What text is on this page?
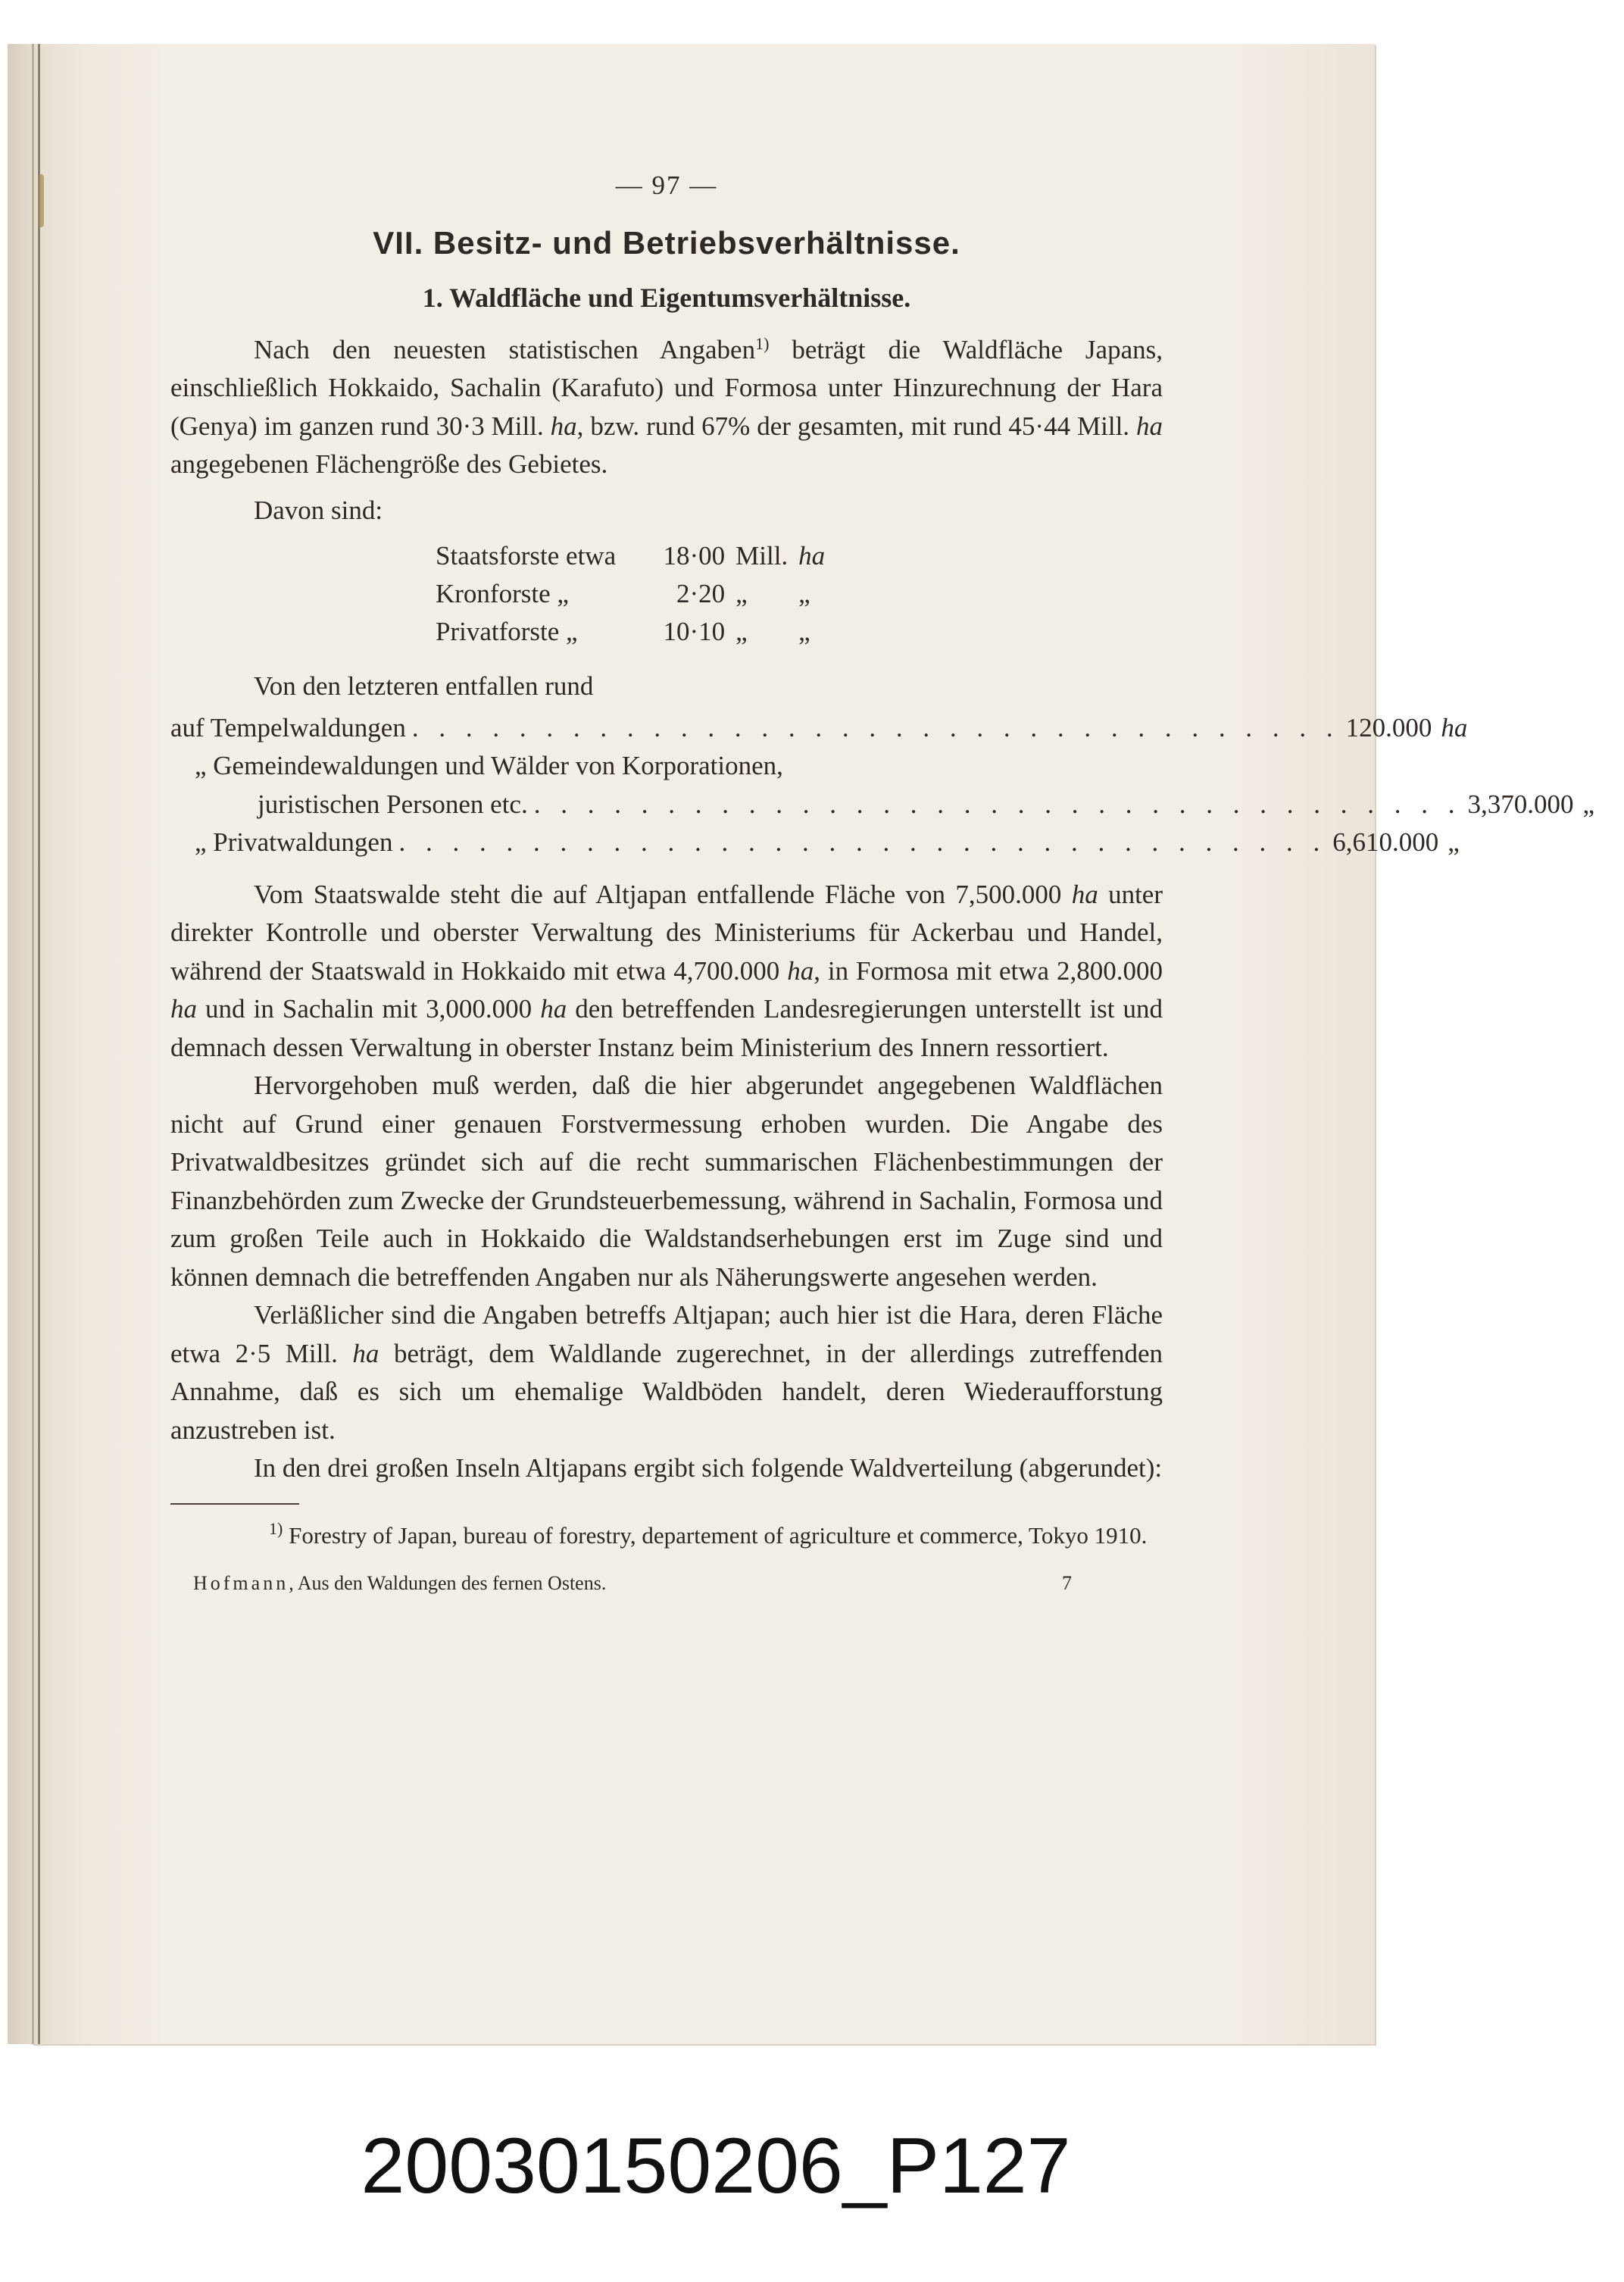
— 97 —
VII. Besitz- und Betriebsverhältnisse.
1. Waldfläche und Eigentumsverhältnisse.

Nach den neuesten statistischen Angaben$^{1)}$ beträgt die Waldfläche Japans, einschließlich Hokkaido, Sachalin (Karafuto) und Formosa unter Hinzurechnung der Hara (Genya) im ganzen rund 30·3 Mill. ha, bzw. rund 67% der gesamten, mit rund 45·44 Mill. ha angegebenen Flächengröße des Gebietes.

Davon sind:
Staatsforste etwa	18·00	Mill.	ha
Kronforste „	2·20	„	„
Privatforste „	10·10	„	„
Von den letzteren entfallen rund
auf Tempelwaldungen . . . . . . . . . . . . . . . . . . . . . . . . . . . . . . . . . . . 120.000 ha
„ Gemeindewaldungen und Wälder von Korporationen,
juristischen Personen etc. . . . . . . . . . . . . . . . . . . . . . . . . . . . . . . . . . . . 3,370.000 „
„ Privatwaldungen . . . . . . . . . . . . . . . . . . . . . . . . . . . . . . . . . . . 6,610.000 „

Vom Staatswalde steht die auf Altjapan entfallende Fläche von 7,500.000 ha unter direkter Kontrolle und oberster Verwaltung des Ministeriums für Ackerbau und Handel, während der Staatswald in Hokkaido mit etwa 4,700.000 ha, in Formosa mit etwa 2,800.000 ha und in Sachalin mit 3,000.000 ha den betreffenden Landesregierungen unterstellt ist und demnach dessen Verwaltung in oberster Instanz beim Ministerium des Innern ressortiert.

Hervorgehoben muß werden, daß die hier abgerundet angegebenen Waldflächen nicht auf Grund einer genauen Forstvermessung erhoben wurden. Die Angabe des Privatwaldbesitzes gründet sich auf die recht summarischen Flächenbestimmungen der Finanzbehörden zum Zwecke der Grundsteuerbemessung, während in Sachalin, Formosa und zum großen Teile auch in Hokkaido die Waldstandserhebungen erst im Zuge sind und können demnach die betreffenden Angaben nur als Näherungswerte angesehen werden.

Verläßlicher sind die Angaben betreffs Altjapan; auch hier ist die Hara, deren Fläche etwa 2·5 Mill. ha beträgt, dem Waldlande zugerechnet, in der allerdings zutreffenden Annahme, daß es sich um ehemalige Waldböden handelt, deren Wiederaufforstung anzustreben ist.

In den drei großen Inseln Altjapans ergibt sich folgende Waldverteilung (abgerundet):

$^{1)}$ Forestry of Japan, bureau of forestry, departement of agriculture et commerce, Tokyo 1910.
Hofmann, Aus den Waldungen des fernen Ostens.	7
20030150206_P127
